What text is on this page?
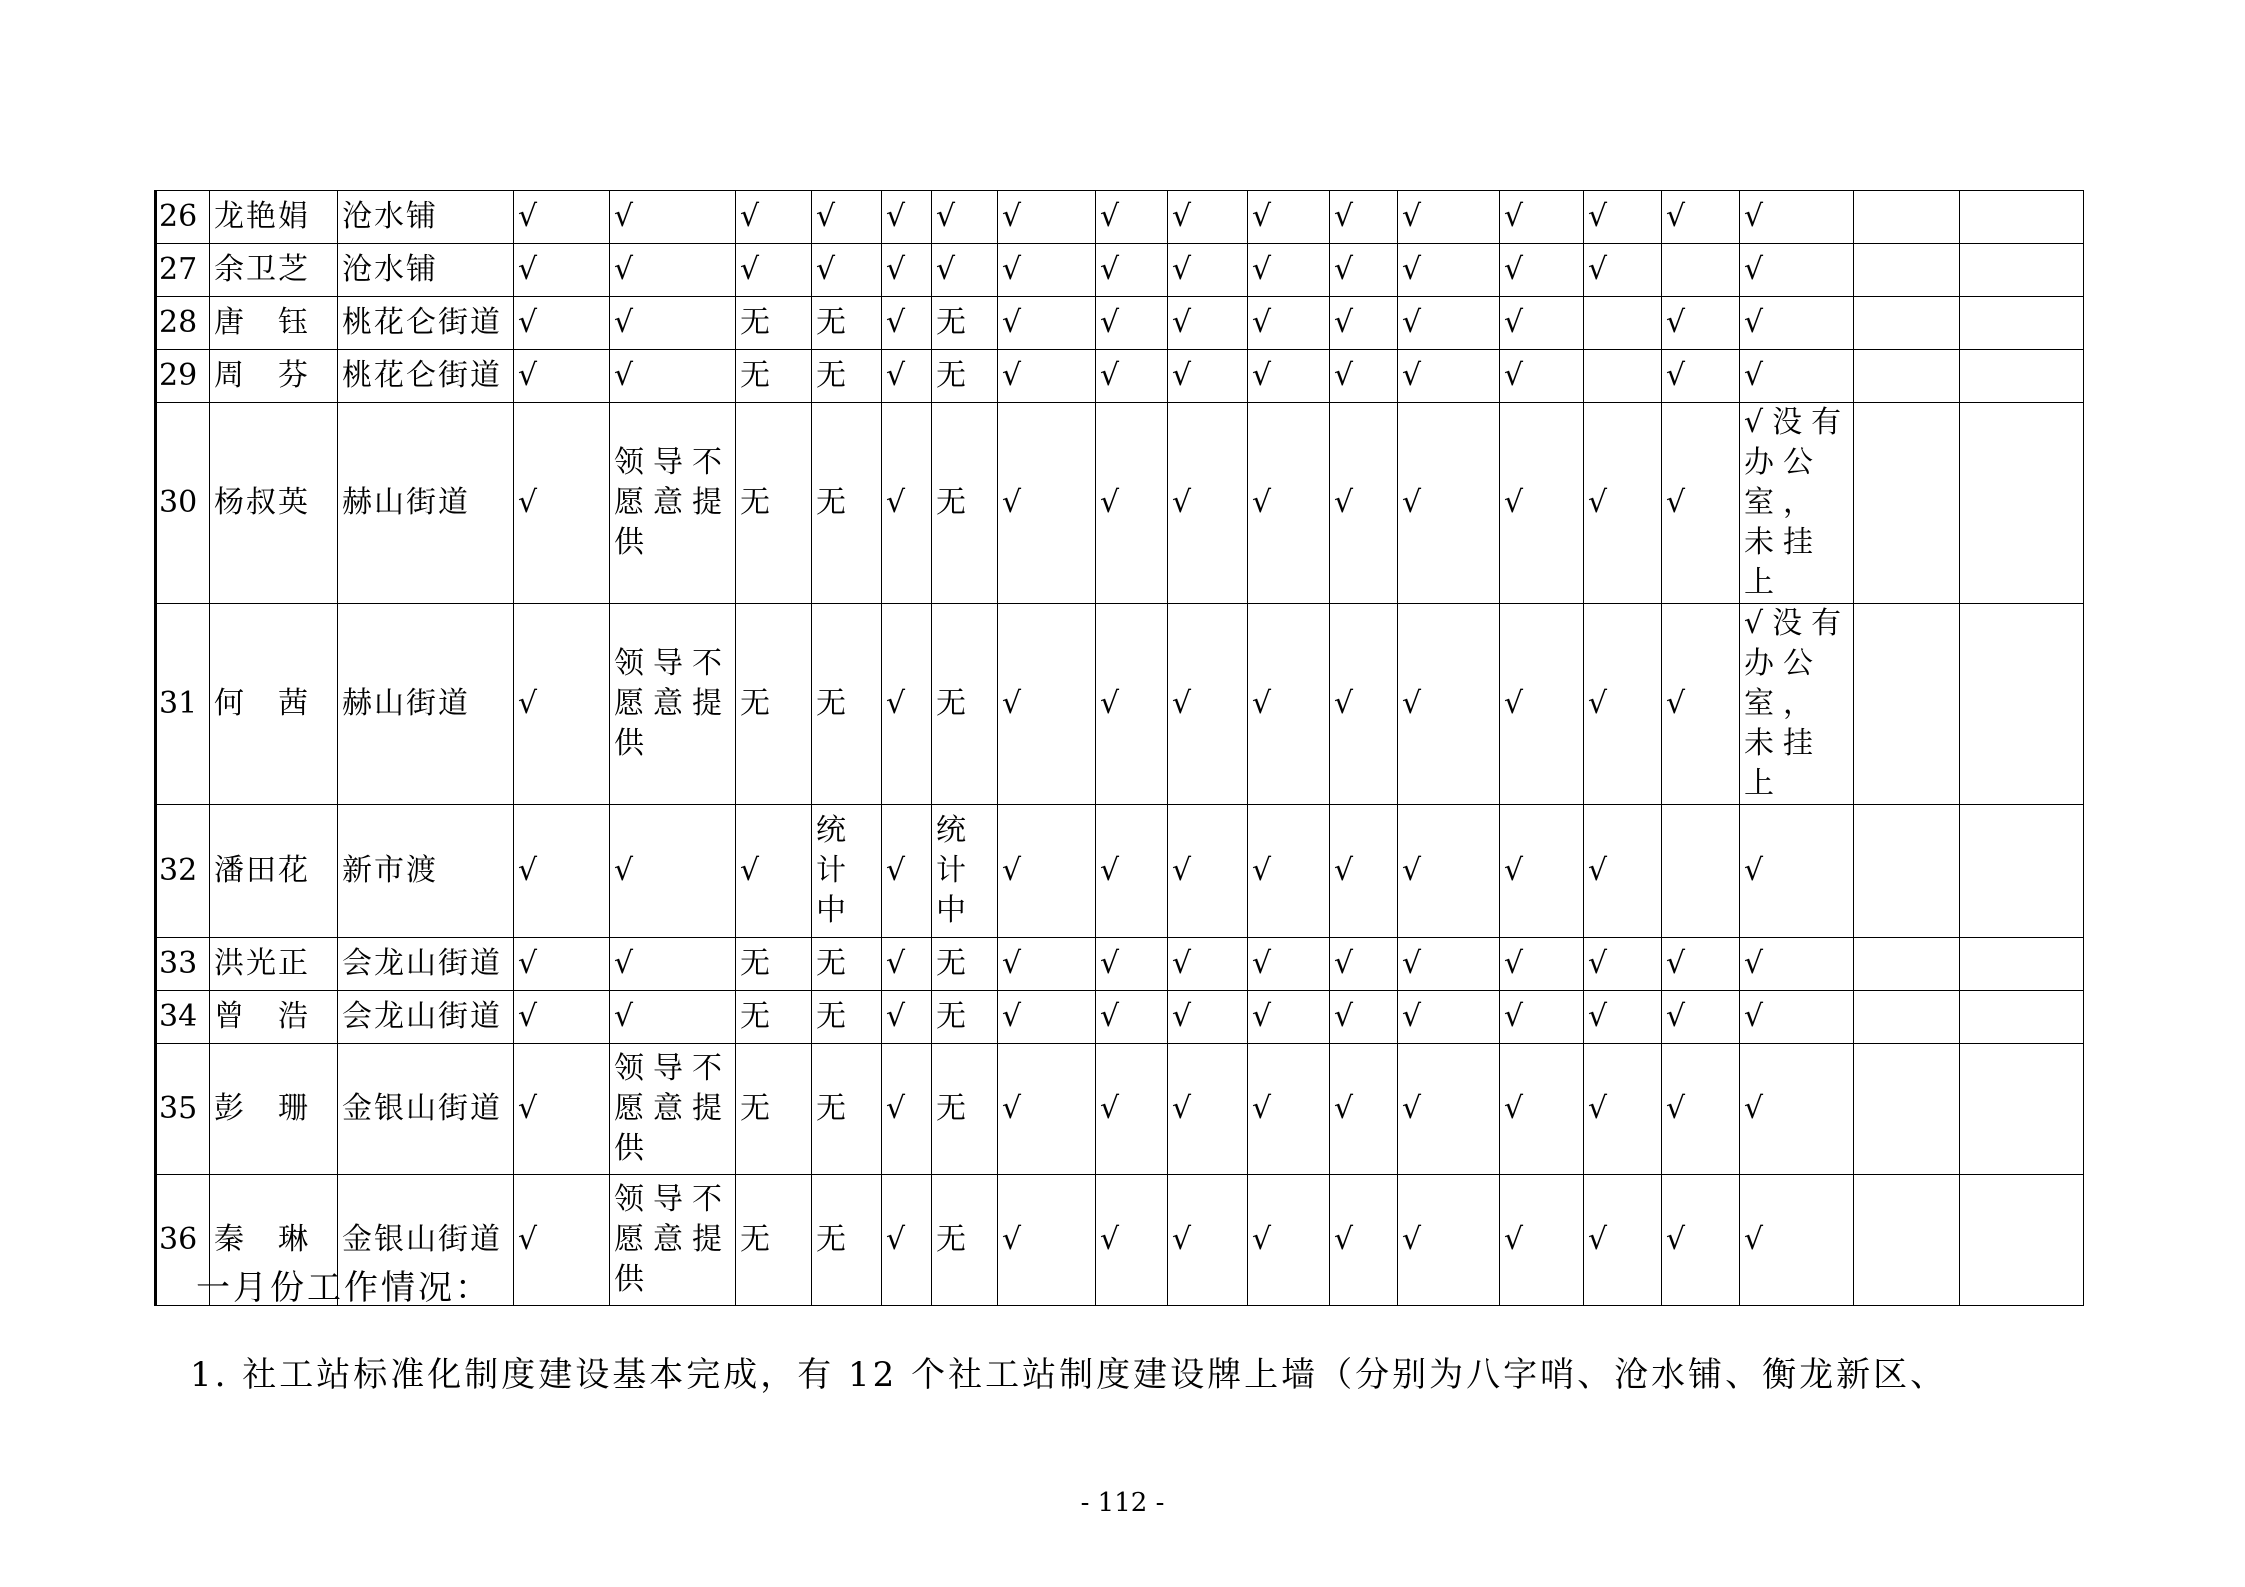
26	龙艳娟	沧水铺	√	√	√	√	√	√	√	√	√	√	√	√	√	√	√	√		
27	余卫芝	沧水铺	√	√	√	√	√	√	√	√	√	√	√	√	√	√		√		
28	唐　钰	桃花仑街道	√	√	无	无	√	无	√	√	√	√	√	√	√		√	√		
29	周　芬	桃花仑街道	√	√	无	无	√	无	√	√	√	√	√	√	√		√	√		
30	杨叔英	赫山街道	√	领导不愿意提供	无	无	√	无	√	√	√	√	√	√	√	√	√	√没有办公室，未挂上		
31	何　茜	赫山街道	√	领导不愿意提供	无	无	√	无	√	√	√	√	√	√	√	√	√	√没有办公室，未挂上		
32	潘田花	新市渡	√	√	√	统计中	√	统计中	√	√	√	√	√	√	√	√		√		
33	洪光正	会龙山街道	√	√	无	无	√	无	√	√	√	√	√	√	√	√	√	√		
34	曾　浩	会龙山街道	√	√	无	无	√	无	√	√	√	√	√	√	√	√	√	√		
35	彭　珊	金银山街道	√	领导不愿意提供	无	无	√	无	√	√	√	√	√	√	√	√	√	√		
36	秦　琳	金银山街道	√	领导不愿意提供	无	无	√	无	√	√	√	√	√	√	√	√	√	√		

一月份工作情况：

1. 社工站标准化制度建设基本完成，有 12 个社工站制度建设牌上墙（分别为八字哨、沧水铺、衡龙新区、

- 112 -
